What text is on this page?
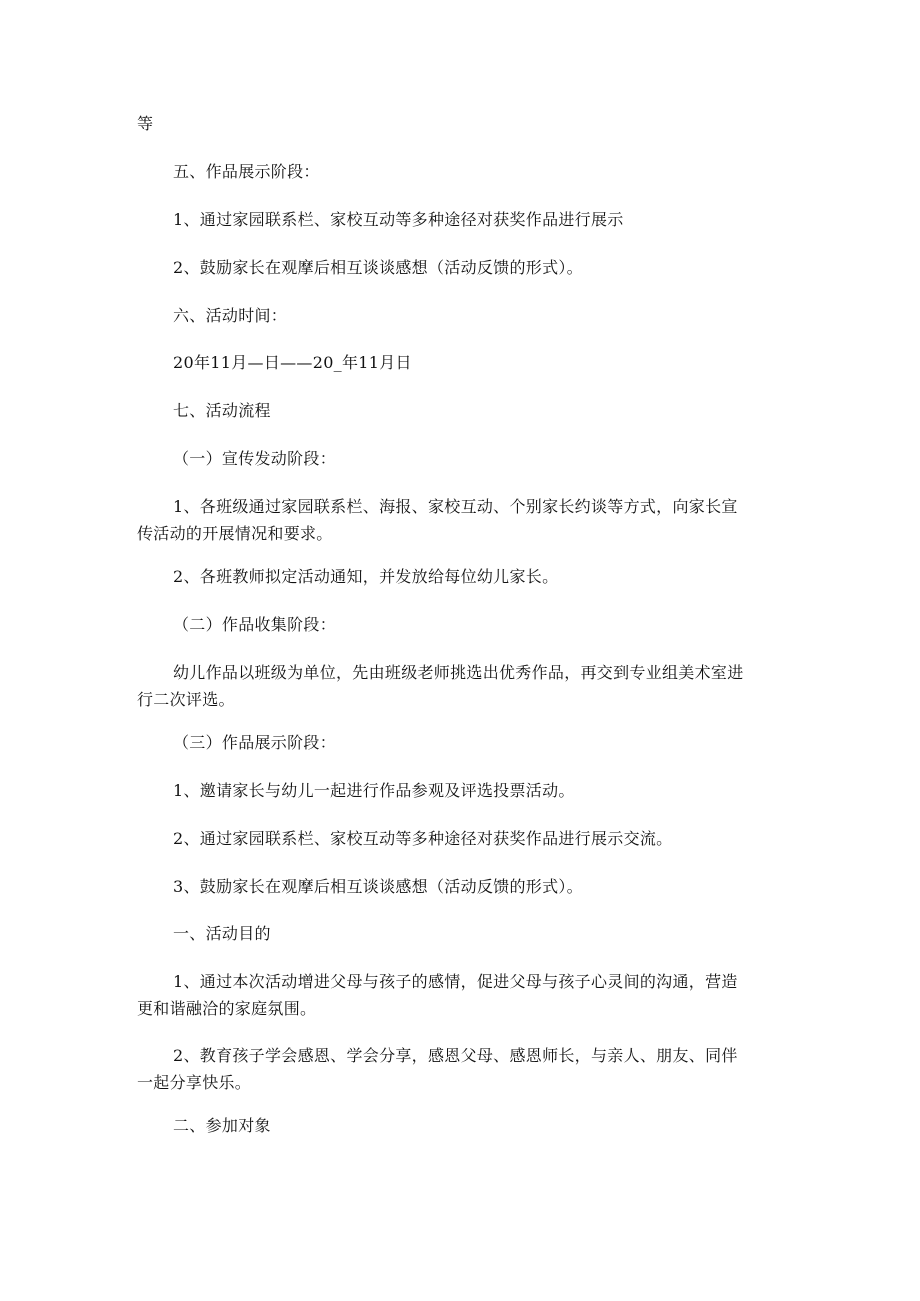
等
五、作品展示阶段：
1、通过家园联系栏、家校互动等多种途径对获奖作品进行展示
2、鼓励家长在观摩后相互谈谈感想（活动反馈的形式）。
六、活动时间：
20年11月—日——20_年11月日
七、活动流程
（一）宣传发动阶段：
1、各班级通过家园联系栏、海报、家校互动、个别家长约谈等方式，向家长宣传活动的开展情况和要求。
2、各班教师拟定活动通知，并发放给每位幼儿家长。
（二）作品收集阶段：
幼儿作品以班级为单位，先由班级老师挑选出优秀作品，再交到专业组美术室进行二次评选。
（三）作品展示阶段：
1、邀请家长与幼儿一起进行作品参观及评选投票活动。
2、通过家园联系栏、家校互动等多种途径对获奖作品进行展示交流。
3、鼓励家长在观摩后相互谈谈感想（活动反馈的形式）。
一、活动目的
1、通过本次活动增进父母与孩子的感情，促进父母与孩子心灵间的沟通，营造更和谐融洽的家庭氛围。
2、教育孩子学会感恩、学会分享，感恩父母、感恩师长，与亲人、朋友、同伴一起分享快乐。
二、参加对象
